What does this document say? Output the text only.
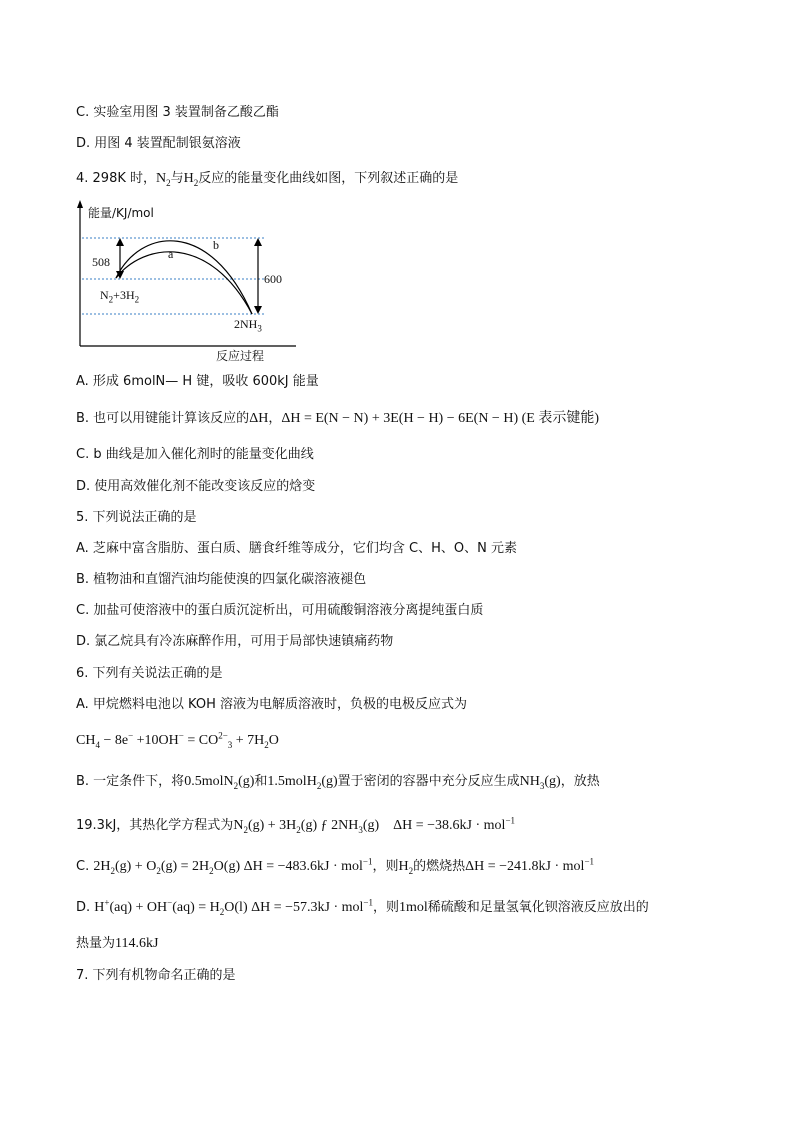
C. 实验室用图 3 装置制备乙酸乙酯
D. 用图 4 装置配制银氨溶液
4. 298K 时，$N_2$与$H_2$反应的能量变化曲线如图，下列叙述正确的是
能量/KJ/mol
508
600
a
b
$N_2+3H_2$
$2NH_3$
反应过程
A. 形成 6molN— H 键，吸收 600kJ 能量
B. 也可以用键能计算该反应的ΔH，ΔH = E(N − N) + 3E(H − H) − 6E(N − H) (E 表示键能)
C. b 曲线是加入催化剂时的能量变化曲线
D. 使用高效催化剂不能改变该反应的焓变
5. 下列说法正确的是
A. 芝麻中富含脂肪、蛋白质、膳食纤维等成分，它们均含 C、H、O、N 元素
B. 植物油和直馏汽油均能使溴的四氯化碳溶液褪色
C. 加盐可使溶液中的蛋白质沉淀析出，可用硫酸铜溶液分离提纯蛋白质
D. 氯乙烷具有冷冻麻醉作用，可用于局部快速镇痛药物
6. 下列有关说法正确的是
A. 甲烷燃料电池以 KOH 溶液为电解质溶液时，负极的电极反应式为
$CH_4 - 8e^- +10OH^- = CO^{2-}_3 + 7H_2O$
B. 一定条件下，将0.5molN$_2$(g)和1.5molH$_2$(g)置于密闭的容器中充分反应生成$NH_3(g)$，放热
19.3kJ，其热化学方程式为$N_2(g) + 3H_2(g)$ ƒ $2NH_3(g) \Delta H = -38.6kJ \cdot mol^{-1}$
C. $2H_2(g) + O_2(g) = 2H_2O(g) \Delta H = -483.6kJ \cdot mol^{-1}$，则$H_2$的燃烧热ΔH = −241.8kJ · mol$^{-1}$
D. $H^+(aq) + OH^-(aq) = H_2O(l) \Delta H = -57.3kJ \cdot mol^{-1}$，则1mol稀硫酸和足量氢氧化钡溶液反应放出的
热量为114.6kJ
7. 下列有机物命名正确的是
